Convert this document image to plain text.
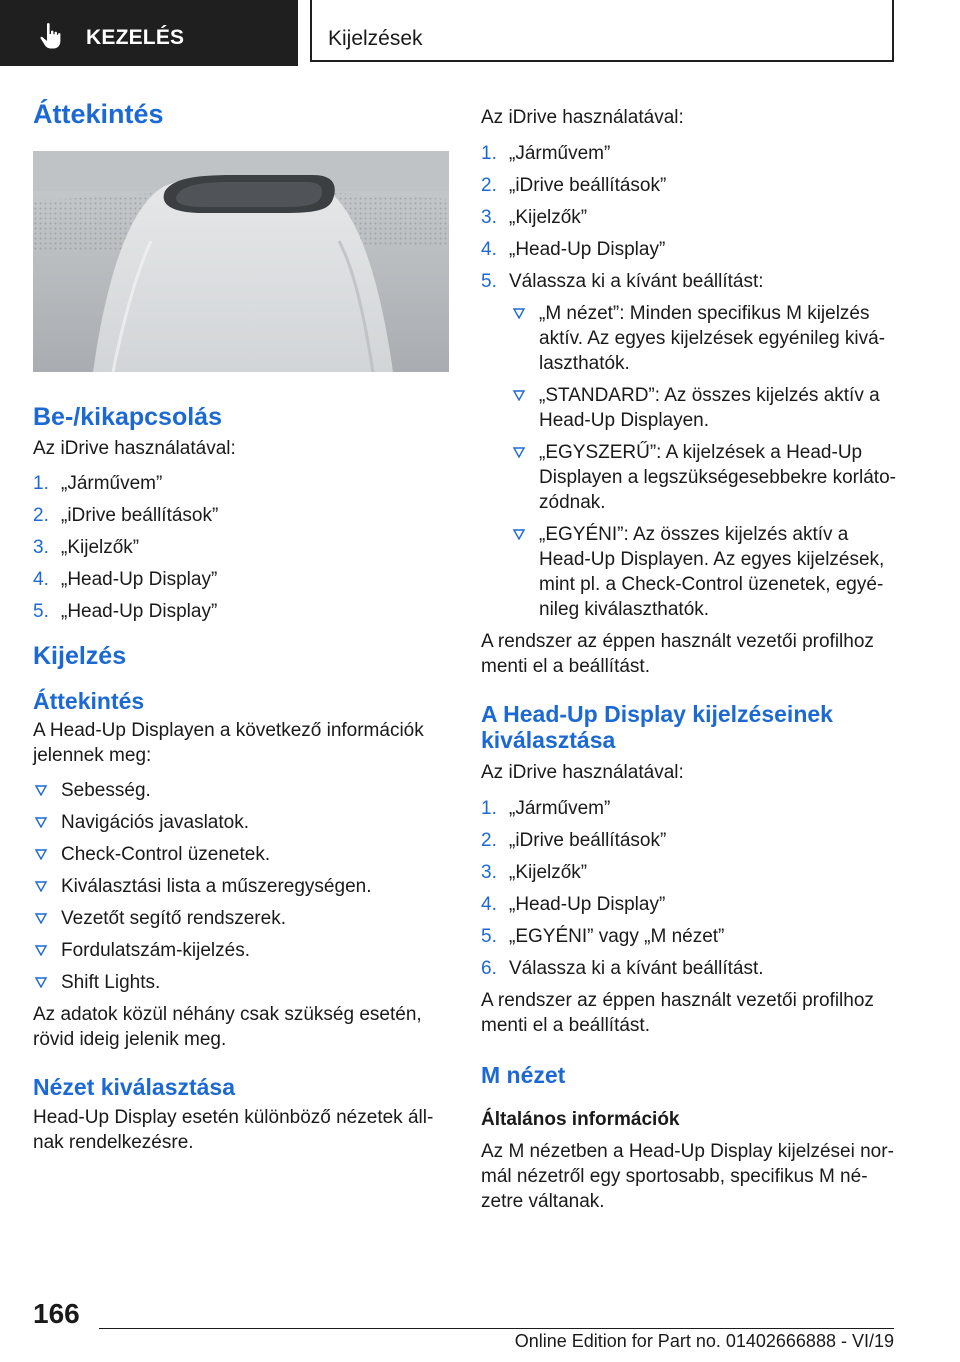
KEZELÉS	Kijelzések
Áttekintés
Be-/kikapcsolás

Az iDrive használatával:

1. „Járművem”
2. „iDrive beállítások”
3. „Kijelzők”
4. „Head-Up Display”
5. „Head-Up Display”
Kijelzés
Áttekintés

A Head-Up Displayen a következő információk jelennek meg:

Sebesség.
Navigációs javaslatok.
Check-Control üzenetek.
Kiválasztási lista a műszeregységen.
Vezetőt segítő rendszerek.
Fordulatszám-kijelzés.
Shift Lights.

Az adatok közül néhány csak szükség esetén, rövid ideig jelenik meg.

Nézet kiválasztása

Head-Up Display esetén különböző nézetek állnak rendelkezésre.

Az iDrive használatával:

1. „Járművem”
2. „iDrive beállítások”
3. „Kijelzők”
4. „Head-Up Display”
5. Válassza ki a kívánt beállítást:
„M nézet”: Minden specifikus M kijelzés aktív. Az egyes kijelzések egyénileg kiválaszthatók.
„STANDARD”: Az összes kijelzés aktív a Head-Up Displayen.
„EGYSZERŰ”: A kijelzések a Head-Up Displayen a legszükségesebbekre korlátozódnak.
„EGYÉNI”: Az összes kijelzés aktív a Head-Up Displayen. Az egyes kijelzések, mint pl. a Check-Control üzenetek, egyénileg kiválaszthatók.

A rendszer az éppen használt vezetői profilhoz menti el a beállítást.

A Head-Up Display kijelzéseinek kiválasztása

Az iDrive használatával:

1. „Járművem”
2. „iDrive beállítások”
3. „Kijelzők”
4. „Head-Up Display”
5. „EGYÉNI” vagy „M nézet”
6. Válassza ki a kívánt beállítást.

A rendszer az éppen használt vezetői profilhoz menti el a beállítást.

M nézet
Általános információk

Az M nézetben a Head-Up Display kijelzései normál nézetről egy sportosabb, specifikus M nézetre váltanak.

166
Online Edition for Part no. 01402666888 - VI/19
